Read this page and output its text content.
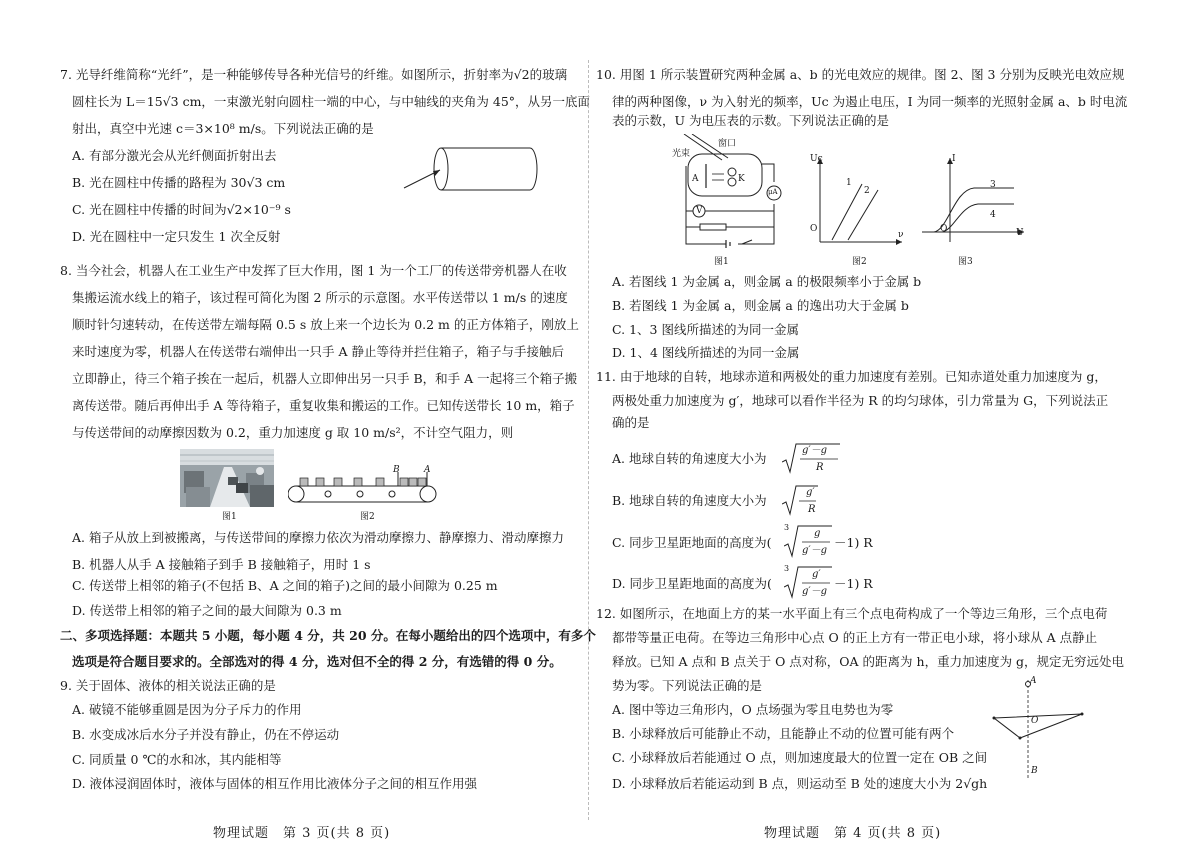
7. 光导纤维简称“光纤”，是一种能够传导各种光信号的纤维。如图所示，折射率为√2的玻璃
圆柱长为 L＝15√3 cm，一束激光射向圆柱一端的中心，与中轴线的夹角为 45°，从另一底面
射出，真空中光速 c＝3×10⁸ m/s。下列说法正确的是
A. 有部分激光会从光纤侧面折射出去
B. 光在圆柱中传播的路程为 30√3 cm
C. 光在圆柱中传播的时间为√2×10⁻⁹ s
D. 光在圆柱中一定只发生 1 次全反射
8. 当今社会，机器人在工业生产中发挥了巨大作用，图 1 为一个工厂的传送带旁机器人在收
集搬运流水线上的箱子，该过程可简化为图 2 所示的示意图。水平传送带以 1 m/s 的速度
顺时针匀速转动，在传送带左端每隔 0.5 s 放上来一个边长为 0.2 m 的正方体箱子，刚放上
来时速度为零，机器人在传送带右端伸出一只手 A 静止等待并拦住箱子，箱子与手接触后
立即静止，待三个箱子挨在一起后，机器人立即伸出另一只手 B，和手 A 一起将三个箱子搬
离传送带。随后再伸出手 A 等待箱子，重复收集和搬运的工作。已知传送带长 10 m，箱子
与传送带间的动摩擦因数为 0.2，重力加速度 g 取 10 m/s²，不计空气阻力，则
图1
B	A
图2
A. 箱子从放上到被搬离，与传送带间的摩擦力依次为滑动摩擦力、静摩擦力、滑动摩擦力
B. 机器人从手 A 接触箱子到手 B 接触箱子，用时 1 s
C. 传送带上相邻的箱子(不包括 B、A 之间的箱子)之间的最小间隙为 0.25 m
D. 传送带上相邻的箱子之间的最大间隙为 0.3 m
二、多项选择题：本题共 5 小题，每小题 4 分，共 20 分。在每小题给出的四个选项中，有多个
选项是符合题目要求的。全部选对的得 4 分，选对但不全的得 2 分，有选错的得 0 分。
9. 关于固体、液体的相关说法正确的是
A. 破镜不能够重圆是因为分子斥力的作用
B. 水变成冰后水分子并没有静止，仍在不停运动
C. 同质量 0 ℃的水和冰，其内能相等
D. 液体浸润固体时，液体与固体的相互作用比液体分子之间的相互作用强
物理试题　第 3 页(共 8 页)
10. 用图 1 所示装置研究两种金属 a、b 的光电效应的规律。图 2、图 3 分别为反映光电效应规
律的两种图像，ν 为入射光的频率，Uc 为遏止电压，I 为同一频率的光照射金属 a、b 时电流
表的示数，U 为电压表的示数。下列说法正确的是
光束
窗口
A	K
V
μA
图1
Uc
ν
O
1
2
图2
I
U
O
3
4
图3
A. 若图线 1 为金属 a，则金属 a 的极限频率小于金属 b
B. 若图线 1 为金属 a，则金属 a 的逸出功大于金属 b
C. 1、3 图线所描述的为同一金属
D. 1、4 图线所描述的为同一金属
11. 由于地球的自转，地球赤道和两极处的重力加速度有差别。已知赤道处重力加速度为 g，
两极处重力加速度为 g′，地球可以看作半径为 R 的均匀球体，引力常量为 G，下列说法正
确的是
A. 地球自转的角速度大小为
g′－g
R
B. 地球自转的角速度大小为
g′
R
C. 同步卫星距地面的高度为(
3
g
g′－g
－1) R
D. 同步卫星距地面的高度为(
3
g′
g′－g
－1) R
12. 如图所示，在地面上方的某一水平面上有三个点电荷构成了一个等边三角形，三个点电荷
都带等量正电荷。在等边三角形中心点 O 的正上方有一带正电小球，将小球从 A 点静止
释放。已知 A 点和 B 点关于 O 点对称，OA 的距离为 h，重力加速度为 g，规定无穷远处电
势为零。下列说法正确的是
A. 图中等边三角形内，O 点场强为零且电势也为零
B. 小球释放后可能静止不动，且能静止不动的位置可能有两个
C. 小球释放后若能通过 O 点，则加速度最大的位置一定在 OB 之间
D. 小球释放后若能运动到 B 点，则运动至 B 处的速度大小为 2√gh
A
O
B
物理试题　第 4 页(共 8 页)
